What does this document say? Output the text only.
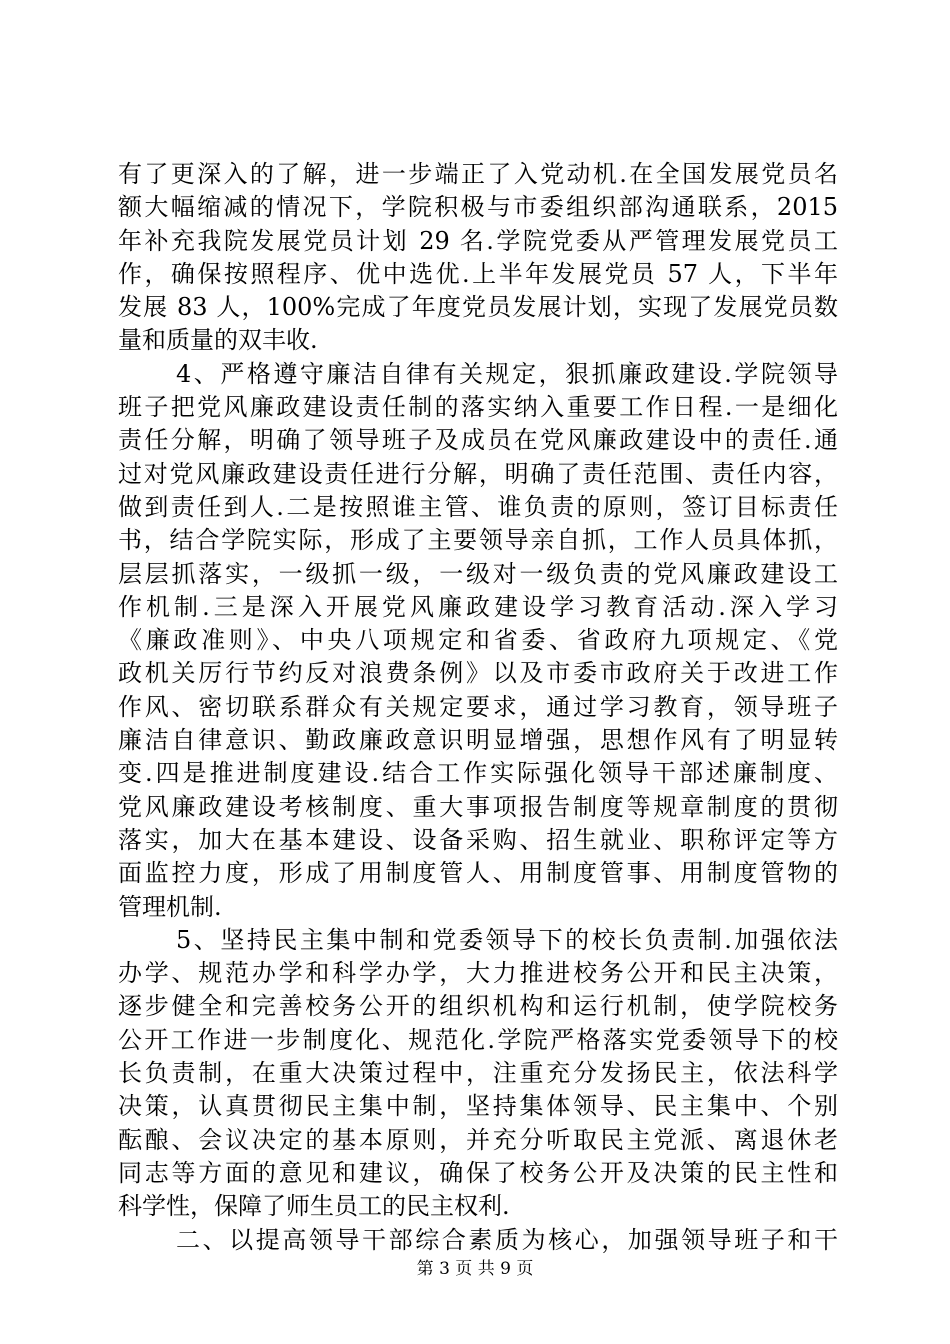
有了更深入的了解，进一步端正了入党动机.在全国发展党员名
额大幅缩减的情况下，学院积极与市委组织部沟通联系，2015
年补充我院发展党员计划 29 名.学院党委从严管理发展党员工
作，确保按照程序、优中选优.上半年发展党员 57 人，下半年
发展 83 人，100%完成了年度党员发展计划，实现了发展党员数
量和质量的双丰收.
4、严格遵守廉洁自律有关规定，狠抓廉政建设.学院领导
班子把党风廉政建设责任制的落实纳入重要工作日程.一是细化
责任分解，明确了领导班子及成员在党风廉政建设中的责任.通
过对党风廉政建设责任进行分解，明确了责任范围、责任内容，
做到责任到人.二是按照谁主管、谁负责的原则，签订目标责任
书，结合学院实际，形成了主要领导亲自抓，工作人员具体抓，
层层抓落实，一级抓一级，一级对一级负责的党风廉政建设工
作机制.三是深入开展党风廉政建设学习教育活动.深入学习
《廉政准则》、中央八项规定和省委、省政府九项规定、《党
政机关厉行节约反对浪费条例》以及市委市政府关于改进工作
作风、密切联系群众有关规定要求，通过学习教育，领导班子
廉洁自律意识、勤政廉政意识明显增强，思想作风有了明显转
变.四是推进制度建设.结合工作实际强化领导干部述廉制度、
党风廉政建设考核制度、重大事项报告制度等规章制度的贯彻
落实，加大在基本建设、设备采购、招生就业、职称评定等方
面监控力度，形成了用制度管人、用制度管事、用制度管物的
管理机制.
5、坚持民主集中制和党委领导下的校长负责制.加强依法
办学、规范办学和科学办学，大力推进校务公开和民主决策，
逐步健全和完善校务公开的组织机构和运行机制，使学院校务
公开工作进一步制度化、规范化.学院严格落实党委领导下的校
长负责制，在重大决策过程中，注重充分发扬民主，依法科学
决策，认真贯彻民主集中制，坚持集体领导、民主集中、个别
酝酿、会议决定的基本原则，并充分听取民主党派、离退休老
同志等方面的意见和建议，确保了校务公开及决策的民主性和
科学性，保障了师生员工的民主权利.
二、以提高领导干部综合素质为核心，加强领导班子和干
第 3 页 共 9 页
